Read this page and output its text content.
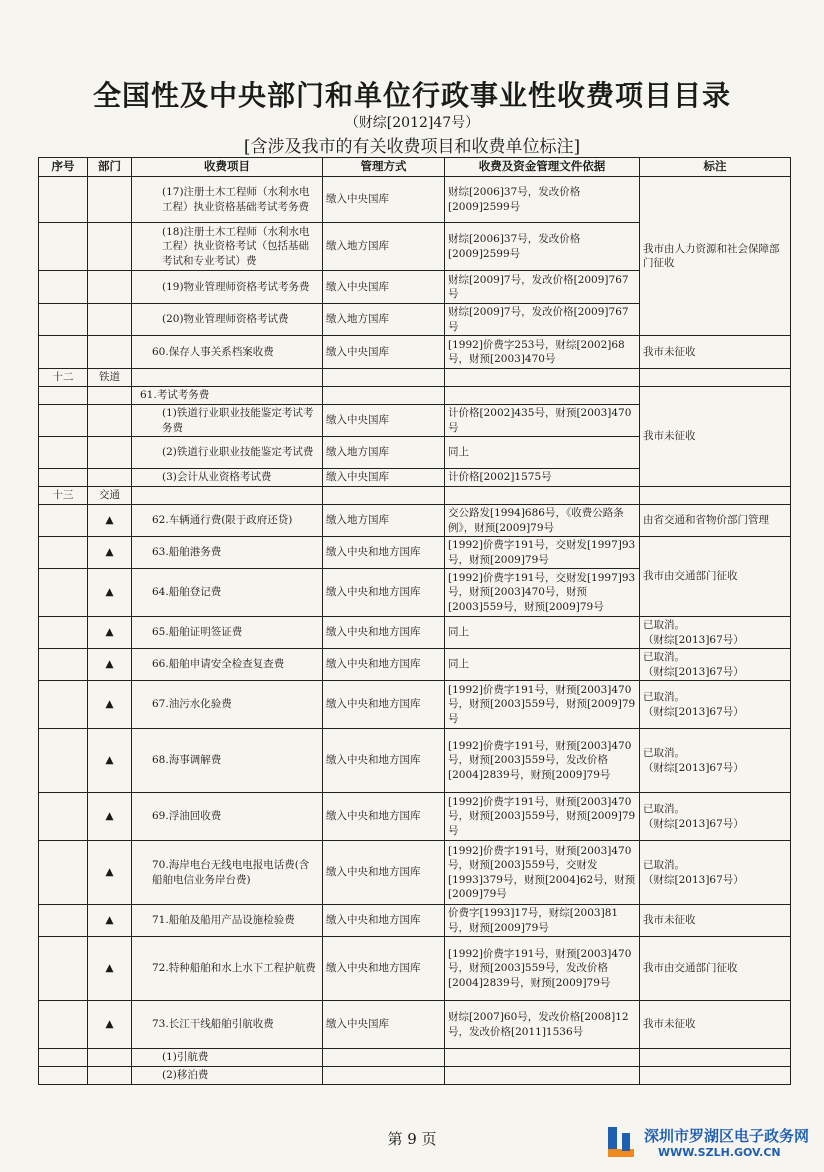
全国性及中央部门和单位行政事业性收费项目目录
（财综[2012]47号）
[含涉及我市的有关收费项目和收费单位标注]
序号	部门	收费项目	管理方式	收费及资金管理文件依据	标注
		(17)注册土木工程师（水利水电工程）执业资格基础考试考务费	缴入中央国库	财综[2006]37号，发改价格[2009]2599号	我市由人力资源和社会保障部门征收
		(18)注册土木工程师（水利水电工程）执业资格考试（包括基础考试和专业考试）费	缴入地方国库	财综[2006]37号，发改价格[2009]2599号	
		(19)物业管理师资格考试考务费	缴入中央国库	财综[2009]7号，发改价格[2009]767号	
		(20)物业管理师资格考试费	缴入地方国库	财综[2009]7号，发改价格[2009]767号	
		60.保存人事关系档案收费	缴入中央国库	[1992]价费字253号，财综[2002]68号，财预[2003]470号	我市未征收
十二	铁道				
		61.考试考务费			我市未征收
		(1)铁道行业职业技能鉴定考试考务费	缴入中央国库	计价格[2002]435号，财预[2003]470号	
		(2)铁道行业职业技能鉴定考试费	缴入地方国库	同上	
		(3)会计从业资格考试费	缴入中央国库	计价格[2002]1575号	
十三	交通				
	▲	62.车辆通行费(限于政府还贷)	缴入地方国库	交公路发[1994]686号，《收费公路条例》，财预[2009]79号	由省交通和省物价部门管理
	▲	63.船舶港务费	缴入中央和地方国库	[1992]价费字191号，交财发[1997]93号，财预[2009]79号	我市由交通部门征收
	▲	64.船舶登记费	缴入中央和地方国库	[1992]价费字191号，交财发[1997]93号，财预[2003]470号，财预[2003]559号，财预[2009]79号	
	▲	65.船舶证明签证费	缴入中央和地方国库	同上	已取消。
（财综[2013]67号）

	▲	66.船舶申请安全检查复查费	缴入中央和地方国库	同上	已取消。
（财综[2013]67号）

	▲	67.油污水化验费	缴入中央和地方国库	[1992]价费字191号，财预[2003]470号，财预[2003]559号，财预[2009]79号	已取消。
（财综[2013]67号）

	▲	68.海事调解费	缴入中央和地方国库	[1992]价费字191号，财预[2003]470号，财预[2003]559号，发改价格[2004]2839号，财预[2009]79号	已取消。
（财综[2013]67号）

	▲	69.浮油回收费	缴入中央和地方国库	[1992]价费字191号，财预[2003]470号，财预[2003]559号，财预[2009]79号	已取消。
（财综[2013]67号）

	▲	70.海岸电台无线电电报电话费(含船舶电信业务岸台费)	缴入中央和地方国库	[1992]价费字191号，财预[2003]470号，财预[2003]559号，交财发[1993]379号，财预[2004]62号，财预[2009]79号	已取消。
（财综[2013]67号）

	▲	71.船舶及船用产品设施检验费	缴入中央和地方国库	价费字[1993]17号，财综[2003]81号，财预[2009]79号	我市未征收
	▲	72.特种船舶和水上水下工程护航费	缴入中央和地方国库	[1992]价费字191号，财预[2003]470号，财预[2003]559号，发改价格[2004]2839号，财预[2009]79号	我市由交通部门征收
	▲	73.长江干线船舶引航收费	缴入中央国库	财综[2007]60号，发改价格[2008]12号，发改价格[2011]1536号	我市未征收
		(1)引航费			
		(2)移泊费			
第 9 页	深圳市罗湖区电子政务网
WWW.SZLH.GOV.CN
